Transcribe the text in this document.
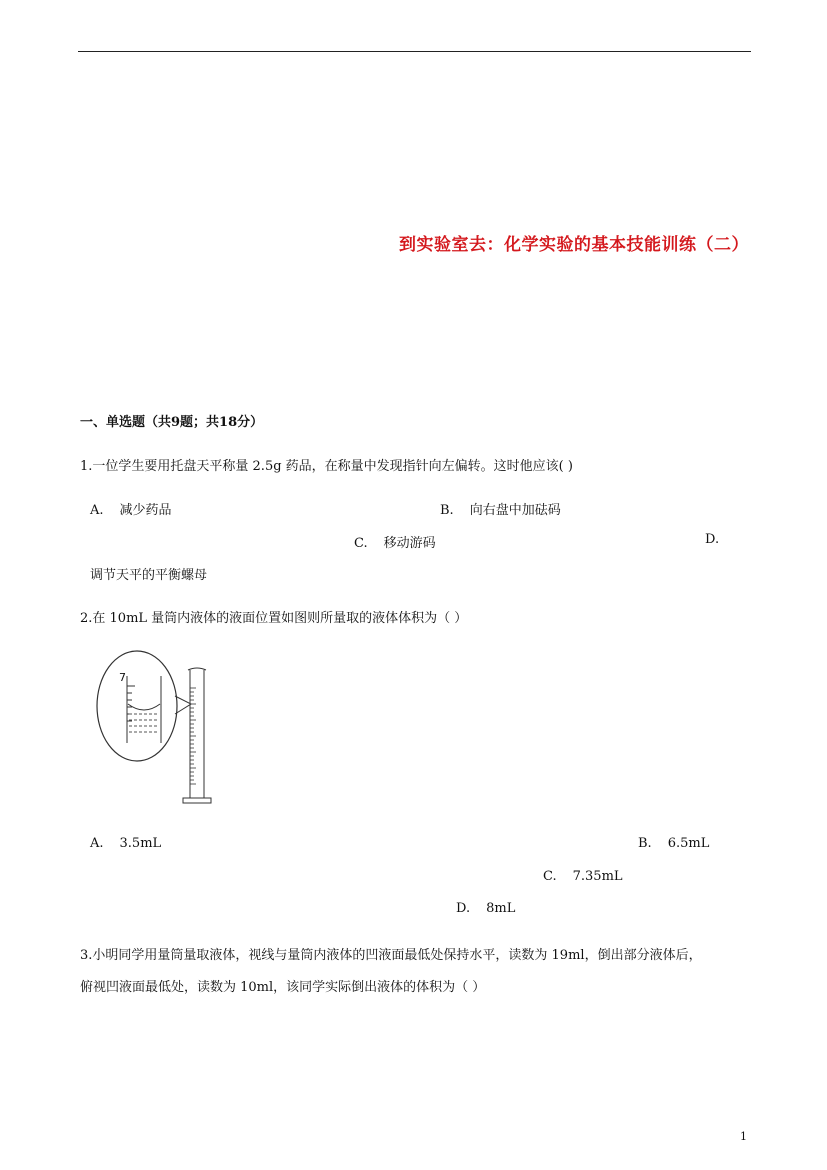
到实验室去：化学实验的基本技能训练（二）
一、单选题（共9题；共18分）
1.一位学生要用托盘天平称量 2.5g 药品，在称量中发现指针向左偏转。这时他应该( )
A. 减少药品	B. 向右盘中加砝码
C. 移动游码	D.
调节天平的平衡螺母
2.在 10mL 量筒内液体的液面位置如图则所量取的液体体积为（ ）
7
A. 3.5mL	B. 6.5mL
C. 7.35mL
D. 8mL
3.小明同学用量筒量取液体，视线与量筒内液体的凹液面最低处保持水平，读数为 19ml，倒出部分液体后，
俯视凹液面最低处，读数为 10ml，该同学实际倒出液体的体积为（ ）
1
